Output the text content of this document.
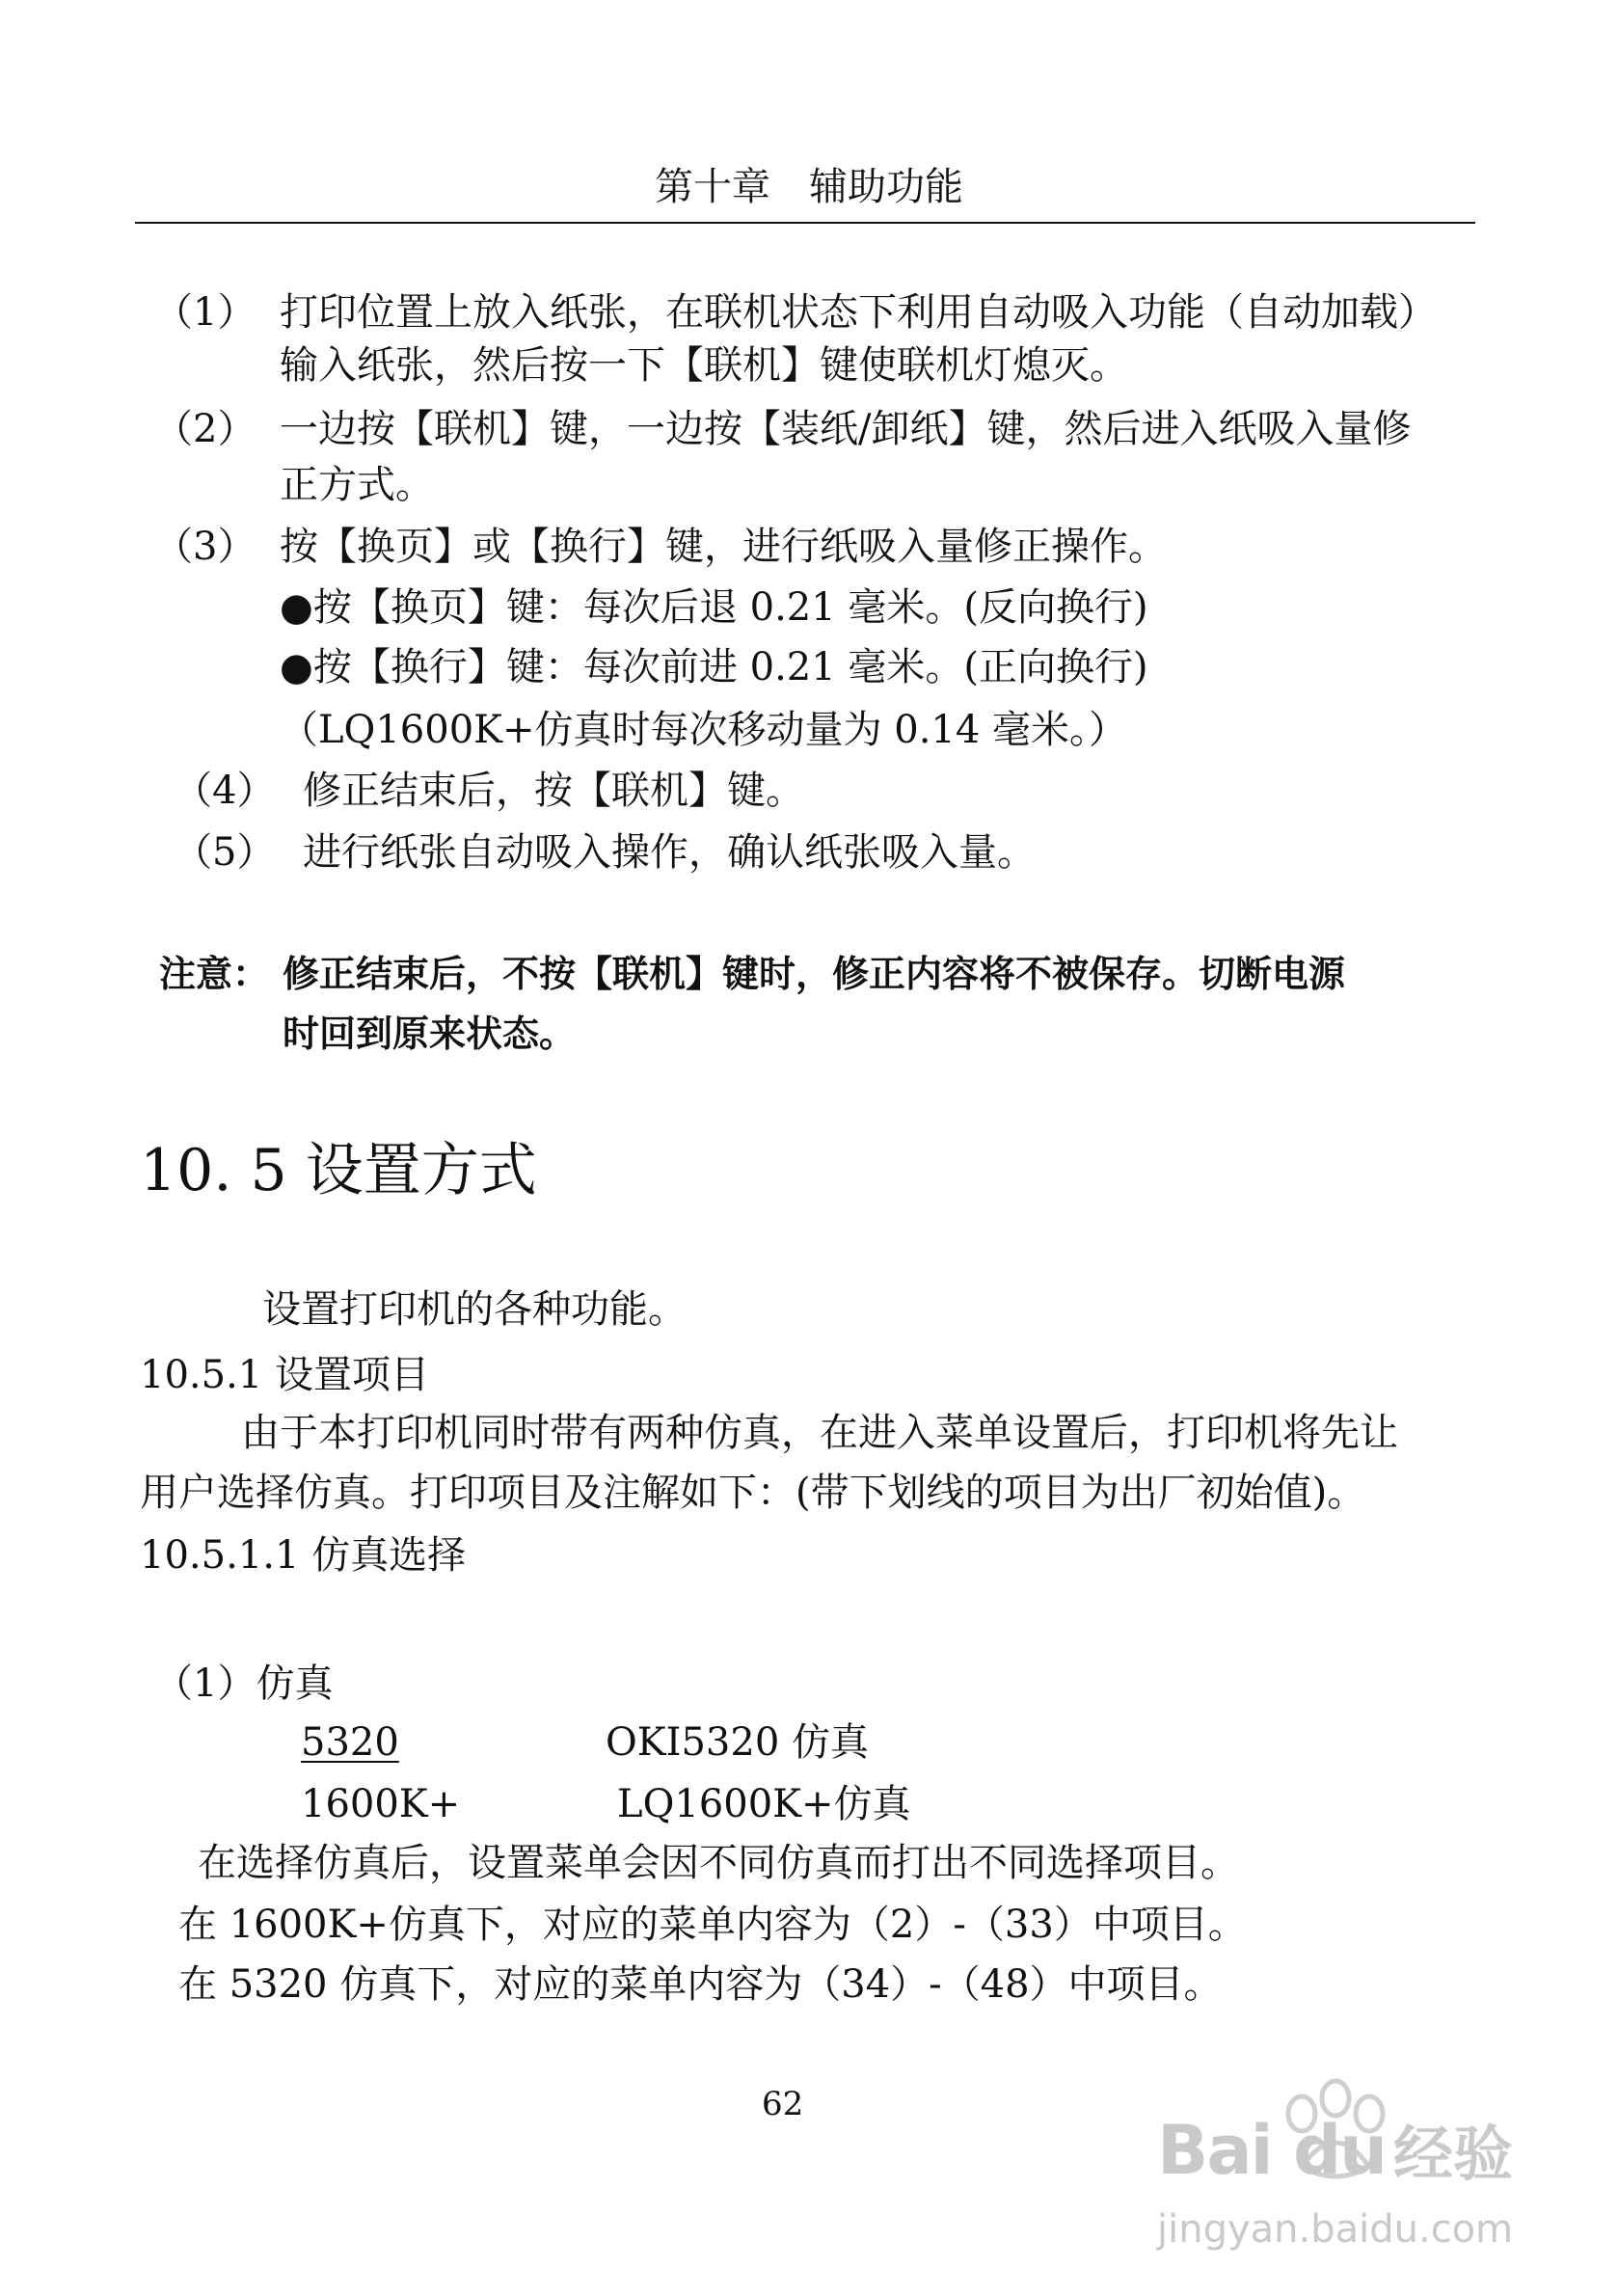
第十章　辅助功能
（1） 打印位置上放入纸张，在联机状态下利用自动吸入功能（自动加载）
输入纸张，然后按一下【联机】键使联机灯熄灭。
（2） 一边按【联机】键，一边按【装纸/卸纸】键，然后进入纸吸入量修
正方式。
（3） 按【换页】或【换行】键，进行纸吸入量修正操作。
●按【换页】键：每次后退 0.21 毫米。(反向换行)
●按【换行】键：每次前进 0.21 毫米。(正向换行)
（LQ1600K+仿真时每次移动量为 0.14 毫米。）
（4） 修正结束后，按【联机】键。
（5） 进行纸张自动吸入操作，确认纸张吸入量。
注意： 修正结束后，不按【联机】键时，修正内容将不被保存。切断电源
时回到原来状态。
10. 5 设置方式
设置打印机的各种功能。
10.5.1 设置项目
由于本打印机同时带有两种仿真，在进入菜单设置后，打印机将先让
用户选择仿真。打印项目及注解如下：(带下划线的项目为出厂初始值)。
10.5.1.1 仿真选择
（1）仿真
5320	OKI5320 仿真
1600K+	LQ1600K+仿真
在选择仿真后，设置菜单会因不同仿真而打出不同选择项目。
在 1600K+仿真下，对应的菜单内容为（2）-（33）中项目。
在 5320 仿真下，对应的菜单内容为（34）-（48）中项目。
62
Bai du 经验
jingyan.baidu.com
